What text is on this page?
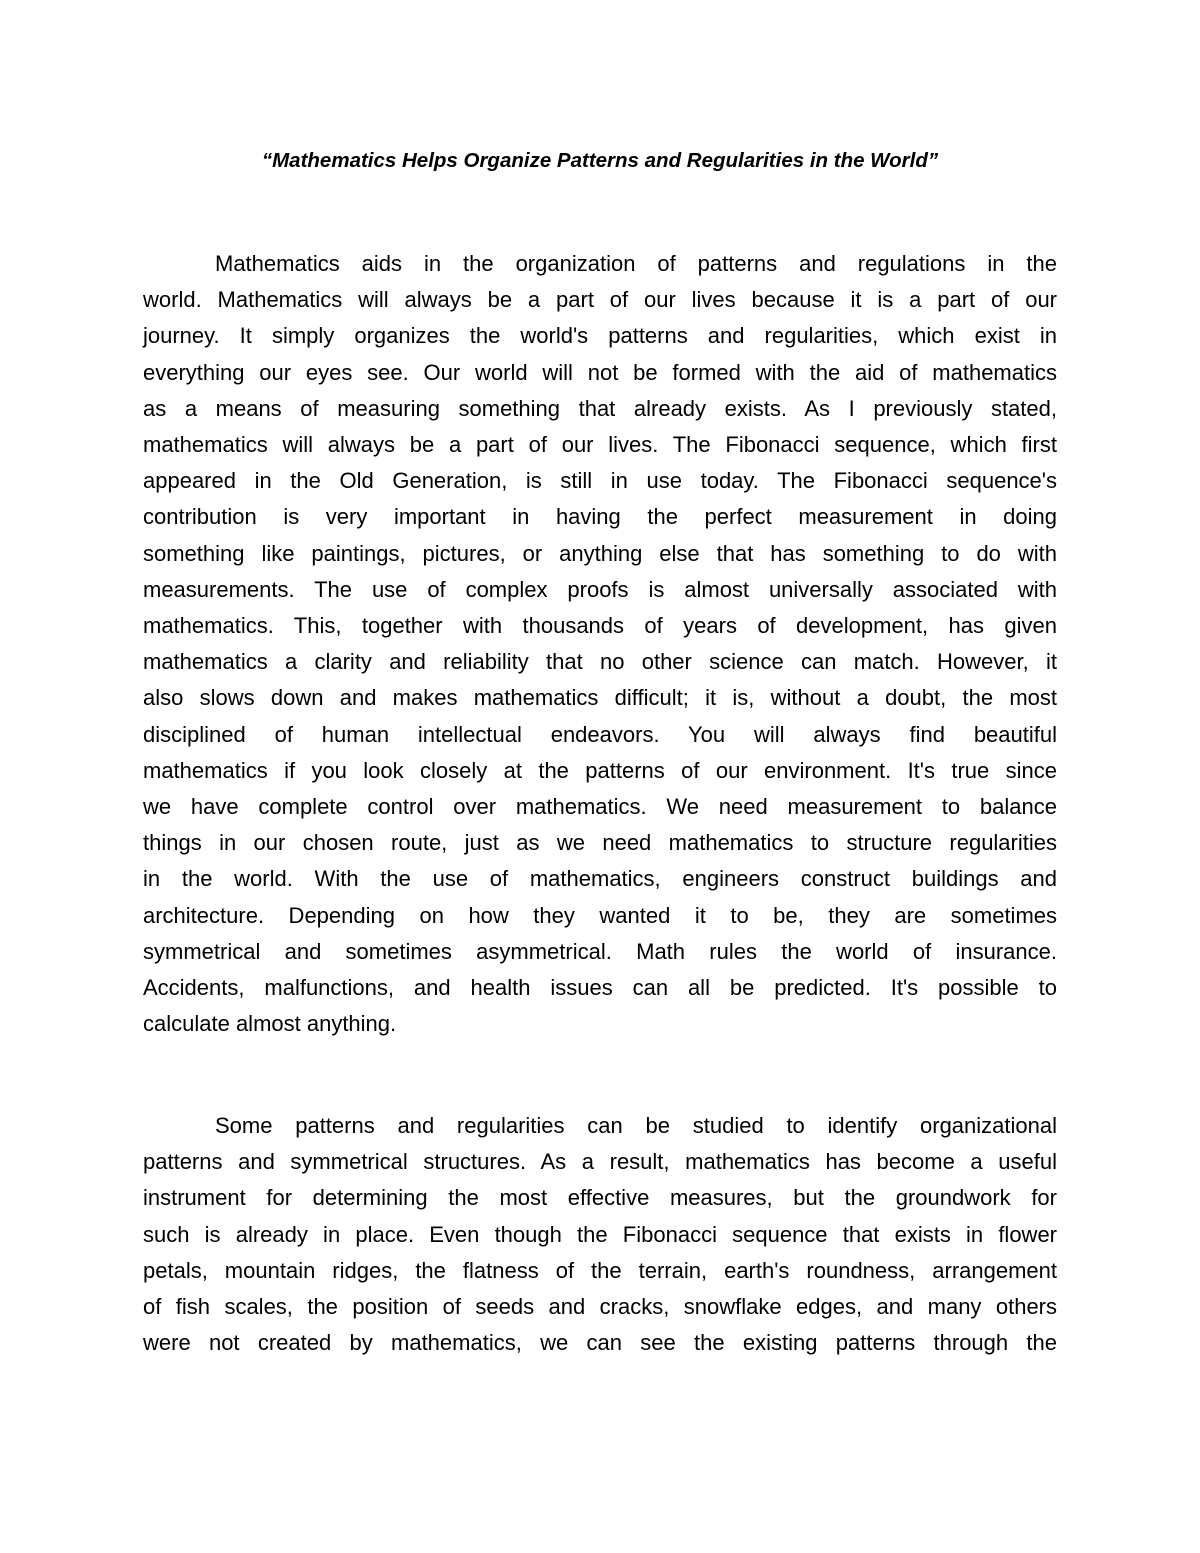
“Mathematics Helps Organize Patterns and Regularities in the World”
Mathematics aids in the organization of patterns and regulations in the
world. Mathematics will always be a part of our lives because it is a part of our
journey. It simply organizes the world's patterns and regularities, which exist in
everything our eyes see. Our world will not be formed with the aid of mathematics
as a means of measuring something that already exists. As I previously stated,
mathematics will always be a part of our lives. The Fibonacci sequence, which first
appeared in the Old Generation, is still in use today. The Fibonacci sequence's
contribution is very important in having the perfect measurement in doing
something like paintings, pictures, or anything else that has something to do with
measurements. The use of complex proofs is almost universally associated with
mathematics. This, together with thousands of years of development, has given
mathematics a clarity and reliability that no other science can match. However, it
also slows down and makes mathematics difficult; it is, without a doubt, the most
disciplined of human intellectual endeavors. You will always find beautiful
mathematics if you look closely at the patterns of our environment. It's true since
we have complete control over mathematics. We need measurement to balance
things in our chosen route, just as we need mathematics to structure regularities
in the world. With the use of mathematics, engineers construct buildings and
architecture. Depending on how they wanted it to be, they are sometimes
symmetrical and sometimes asymmetrical. Math rules the world of insurance.
Accidents, malfunctions, and health issues can all be predicted. It's possible to
calculate almost anything.
Some patterns and regularities can be studied to identify organizational
patterns and symmetrical structures. As a result, mathematics has become a useful
instrument for determining the most effective measures, but the groundwork for
such is already in place. Even though the Fibonacci sequence that exists in flower
petals, mountain ridges, the flatness of the terrain, earth's roundness, arrangement
of fish scales, the position of seeds and cracks, snowflake edges, and many others
were not created by mathematics, we can see the existing patterns through the
